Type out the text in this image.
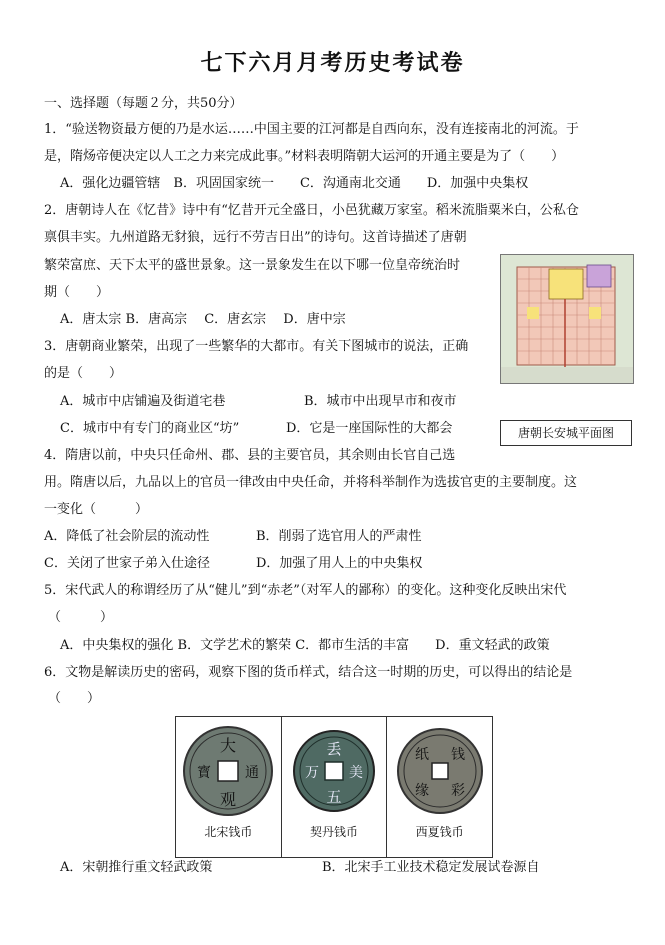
七下六月月考历史考试卷
一、选择题（每题２分，共50分）
1．“验送物资最方便的乃是水运……中国主要的江河都是自西向东，没有连接南北的河流。于
是，隋炀帝便决定以人工之力来完成此事。”材料表明隋朝大运河的开通主要是为了（　　）
A．强化边疆管辖　B．巩固国家统一　　C．沟通南北交通　　D．加强中央集权
2．唐朝诗人在《忆昔》诗中有“忆昔开元全盛日，小邑犹藏万家室。稻米流脂粟米白，公私仓
禀俱丰实。九州道路无豺狼，远行不劳吉日出”的诗句。这首诗描述了唐朝
繁荣富庶、天下太平的盛世景象。这一景象发生在以下哪一位皇帝统治时
期（　　）
A．唐太宗 B．唐高宗　 C．唐玄宗　 D．唐中宗
3．唐朝商业繁荣，出现了一些繁华的大都市。有关下图城市的说法，正确
的是（　　）
A．城市中店铺遍及街道宅巷	B．城市中出现早市和夜市
C．城市中有专门的商业区“坊”	D．它是一座国际性的大都会	唐朝长安城平面图
4．隋唐以前，中央只任命州、郡、县的主要官员，其余则由长官自己选
用。隋唐以后，九品以上的官员一律改由中央任命，并将科举制作为选拔官吏的主要制度。这
一变化（　　　）
A．降低了社会阶层的流动性	B．削弱了选官用人的严肃性
C．关闭了世家子弟入仕途径	D．加强了用人上的中央集权
5．宋代武人的称谓经历了从“健儿”到“赤老”（对军人的鄙称）的变化。这种变化反映出宋代
（　　　）
A．中央集权的强化 B．文学艺术的繁荣 C．都市生活的丰富　　D．重文轻武的政策
6．文物是解读历史的密码，观察下图的货币样式，结合这一时期的历史，可以得出的结论是
（　　）
大
通
观
寳
北宋钱币
丢
美
五
万
契丹钱币
纸 钱
彩
缘
西夏钱币
A．宋朝推行重文轻武政策	B．北宋手工业技术稳定发展试卷源自
